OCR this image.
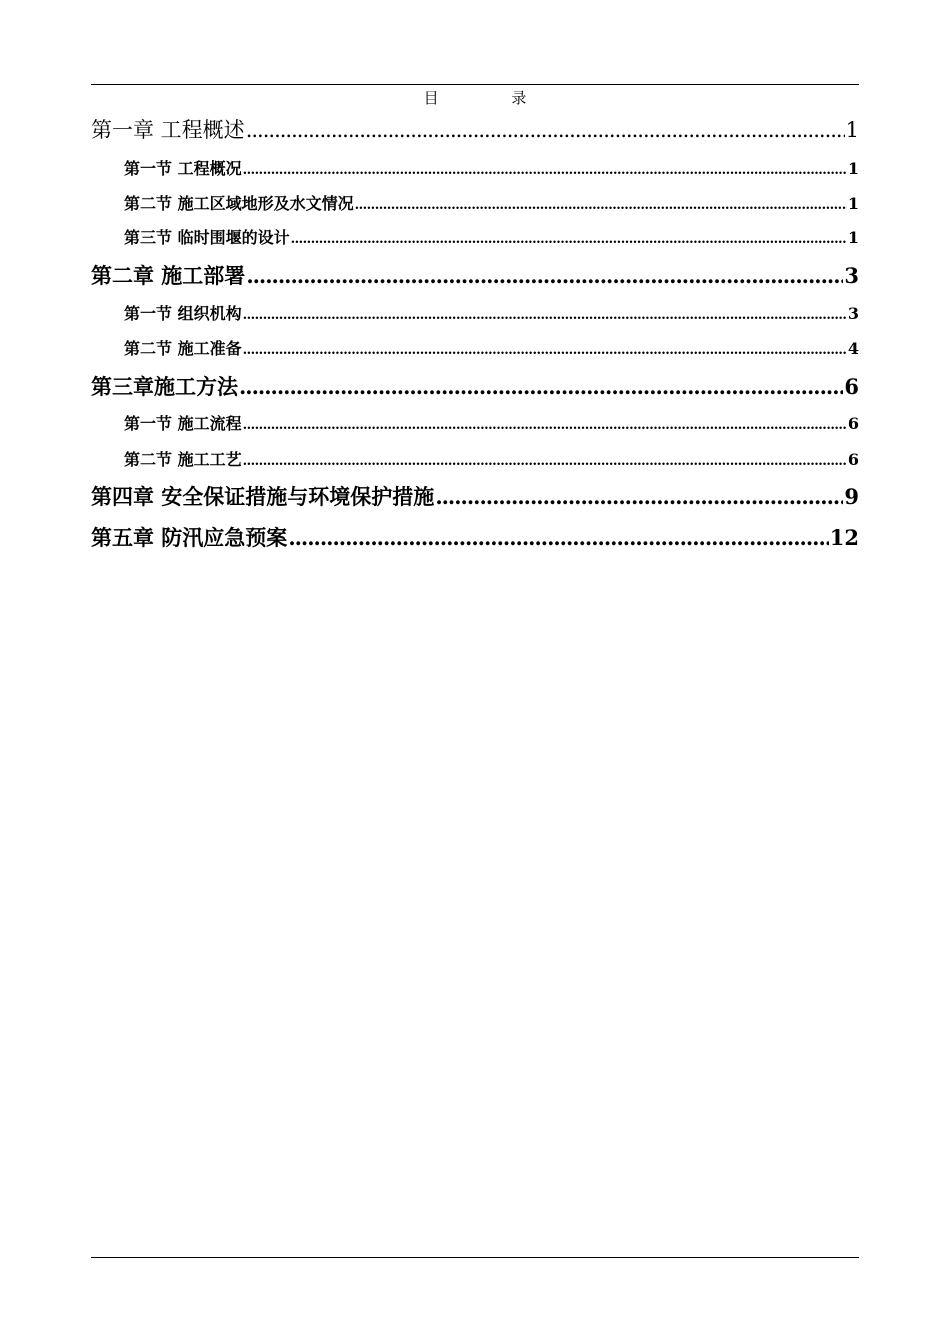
目 录
第一章 工程概述 .....	1
第一节 工程概况 .....	1
第二节 施工区域地形及水文情况 .....	1
第三节 临时围堰的设计 .....	1
第二章 施工部署 .....	3
第一节 组织机构 .....	3
第二节 施工准备 .....	4
第三章施工方法 .....	6
第一节 施工流程 .....	6
第二节 施工工艺 .....	6
第四章 安全保证措施与环境保护措施 .....	9
第五章 防汛应急预案 .....	12
